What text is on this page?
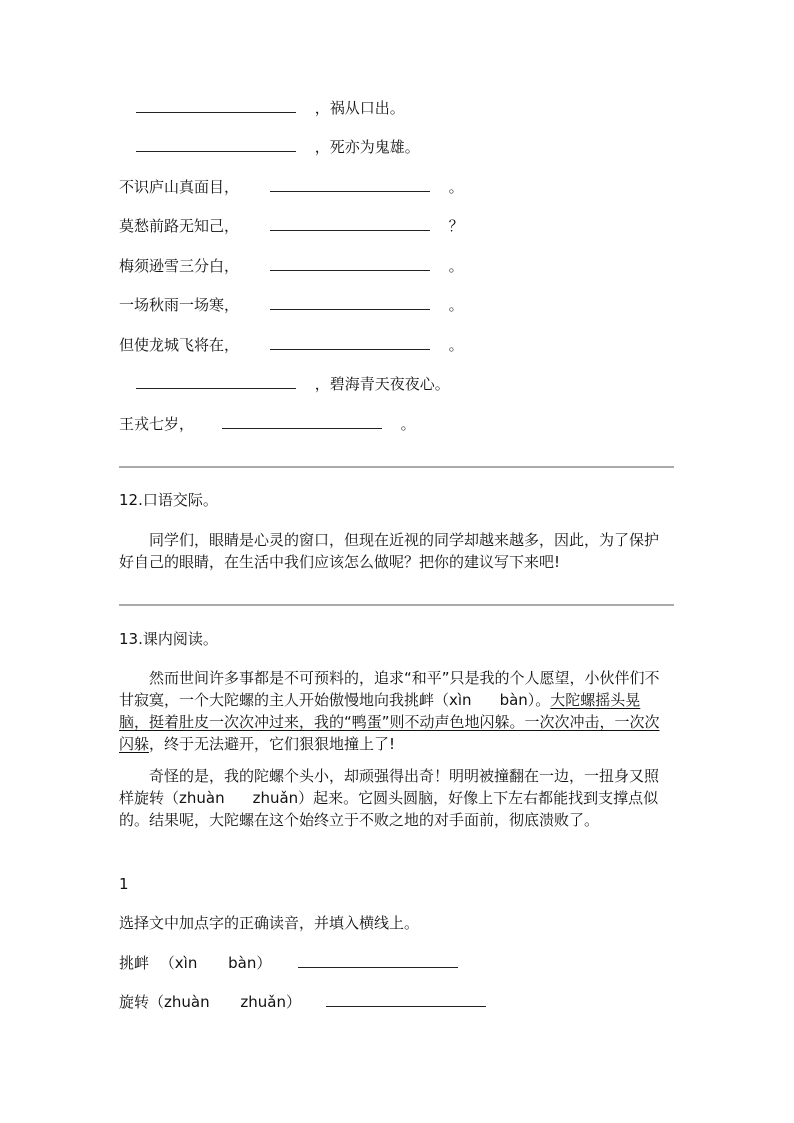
，祸从口出。
，死亦为鬼雄。
不识庐山真面目，	。
莫愁前路无知己，	？
梅须逊雪三分白，	。
一场秋雨一场寒，	。
但使龙城飞将在，	。
，碧海青天夜夜心。
王戎七岁，	。
12.口语交际。
同学们，眼睛是心灵的窗口，但现在近视的同学却越来越多，因此，为了保护好自己的眼睛，在生活中我们应该怎么做呢？把你的建议写下来吧!
13.课内阅读。
然而世间许多事都是不可预料的，追求“和平”只是我的个人愿望，小伙伴们不甘寂寞，一个大陀螺的主人开始傲慢地向我挑衅（xìn bàn）。大陀螺摇头晃脑，挺着肚皮一次次冲过来，我的“鸭蛋”则不动声色地闪躲。一次次冲击，一次次闪躲，终于无法避开，它们狠狠地撞上了!
奇怪的是，我的陀螺个头小，却顽强得出奇！明明被撞翻在一边，一扭身又照样旋转（zhuàn zhuǎn）起来。它圆头圆脑，好像上下左右都能找到支撑点似的。结果呢，大陀螺在这个始终立于不败之地的对手面前，彻底溃败了。
1
选择文中加点字的正确读音，并填入横线上。
挑衅 （xìn bàn）
旋转（zhuàn zhuǎn）
